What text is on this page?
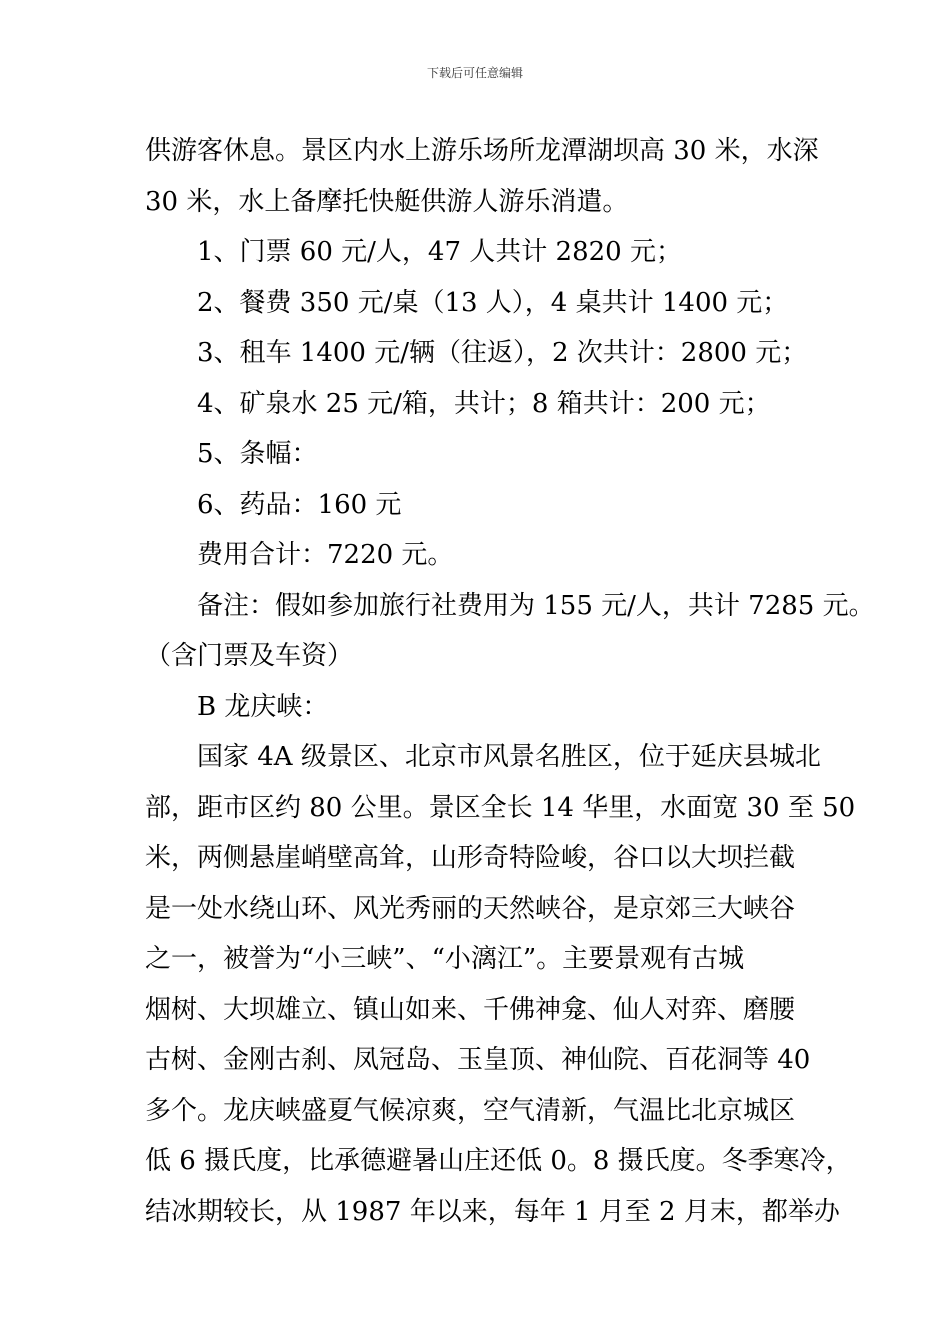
下载后可任意编辑
供游客休息。景区内水上游乐场所龙潭湖坝高 30 米，水深
30 米，水上备摩托快艇供游人游乐消遣。
1、门票 60 元/人，47 人共计 2820 元；
2、餐费 350 元/桌（13 人），4 桌共计 1400 元；
3、租车 1400 元/辆（往返），2 次共计：2800 元；
4、矿泉水 25 元/箱，共计；8 箱共计：200 元；
5、条幅：
6、药品：160 元
费用合计：7220 元。
备注：假如参加旅行社费用为 155 元/人，共计 7285 元。
（含门票及车资）
B 龙庆峡：
国家 4A 级景区、北京市风景名胜区，位于延庆县城北
部，距市区约 80 公里。景区全长 14 华里，水面宽 30 至 50
米，两侧悬崖峭壁高耸，山形奇特险峻，谷口以大坝拦截
是一处水绕山环、风光秀丽的天然峡谷，是京郊三大峡谷
之一，被誉为“小三峡”、“小漓江”。主要景观有古城
烟树、大坝雄立、镇山如来、千佛神龛、仙人对弈、磨腰
古树、金刚古刹、凤冠岛、玉皇顶、神仙院、百花洞等 40
多个。龙庆峡盛夏气候凉爽，空气清新，气温比北京城区
低 6 摄氏度，比承德避暑山庄还低 0。8 摄氏度。冬季寒冷，
结冰期较长，从 1987 年以来，每年 1 月至 2 月末，都举办
